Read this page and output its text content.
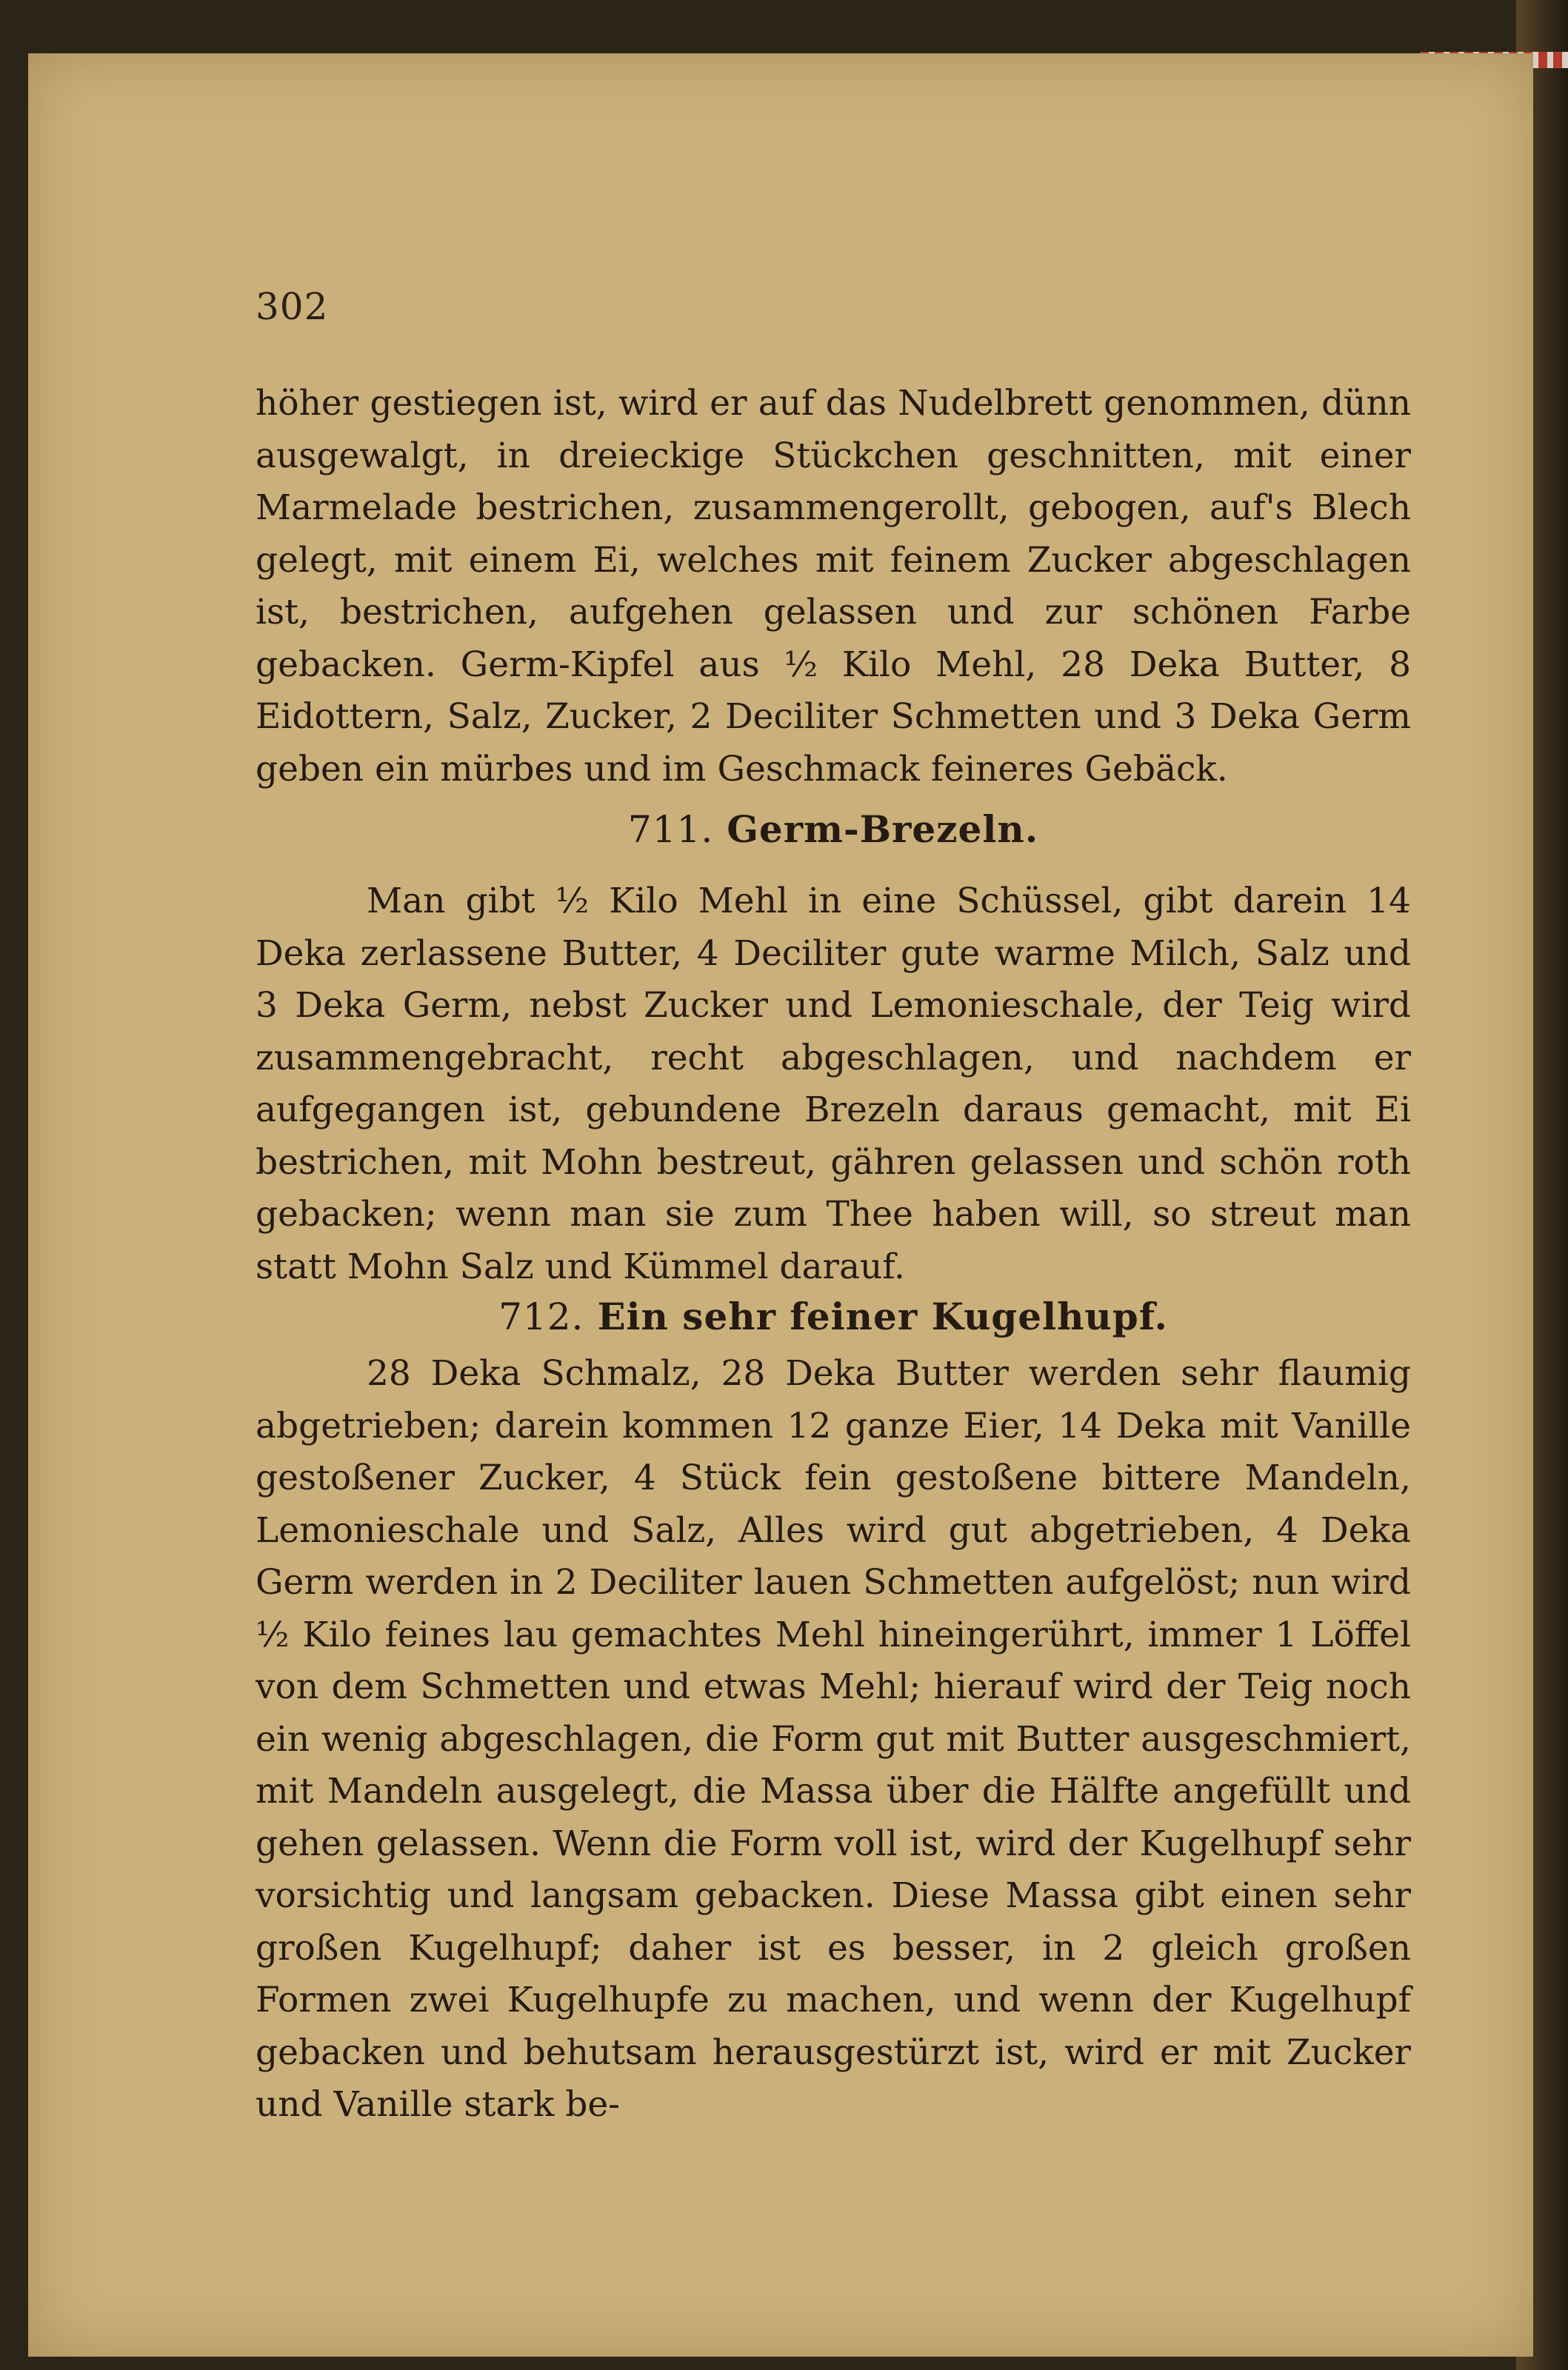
302

höher gestiegen ist, wird er auf das Nudelbrett genommen, dünn ausgewalgt, in dreieckige Stückchen geschnitten, mit einer Marmelade bestrichen, zusammengerollt, gebogen, auf's Blech gelegt, mit einem Ei, welches mit feinem Zucker abgeschlagen ist, bestrichen, aufgehen gelassen und zur schönen Farbe gebacken. Germ-Kipfel aus ½ Kilo Mehl, 28 Deka Butter, 8 Eidottern, Salz, Zucker, 2 Deciliter Schmetten und 3 Deka Germ geben ein mürbes und im Geschmack feineres Gebäck.

711. Germ-Brezeln.

Man gibt ½ Kilo Mehl in eine Schüssel, gibt darein 14 Deka zerlassene Butter, 4 Deciliter gute warme Milch, Salz und 3 Deka Germ, nebst Zucker und Lemonieschale, der Teig wird zusammengebracht, recht abgeschlagen, und nachdem er aufgegangen ist, gebundene Brezeln daraus gemacht, mit Ei bestrichen, mit Mohn bestreut, gähren gelassen und schön roth gebacken; wenn man sie zum Thee haben will, so streut man statt Mohn Salz und Kümmel darauf.

712. Ein sehr feiner Kugelhupf.

28 Deka Schmalz, 28 Deka Butter werden sehr flaumig abgetrieben; darein kommen 12 ganze Eier, 14 Deka mit Vanille gestoßener Zucker, 4 Stück fein gestoßene bittere Mandeln, Lemonieschale und Salz, Alles wird gut abgetrieben, 4 Deka Germ werden in 2 Deciliter lauen Schmetten aufgelöst; nun wird ½ Kilo feines lau gemachtes Mehl hineingerührt, immer 1 Löffel von dem Schmetten und etwas Mehl; hierauf wird der Teig noch ein wenig abgeschlagen, die Form gut mit Butter ausgeschmiert, mit Mandeln ausgelegt, die Massa über die Hälfte angefüllt und gehen gelassen. Wenn die Form voll ist, wird der Kugelhupf sehr vorsichtig und langsam gebacken. Diese Massa gibt einen sehr großen Kugelhupf; daher ist es besser, in 2 gleich großen Formen zwei Kugelhupfe zu machen, und wenn der Kugelhupf gebacken und behutsam herausgestürzt ist, wird er mit Zucker und Vanille stark be-
